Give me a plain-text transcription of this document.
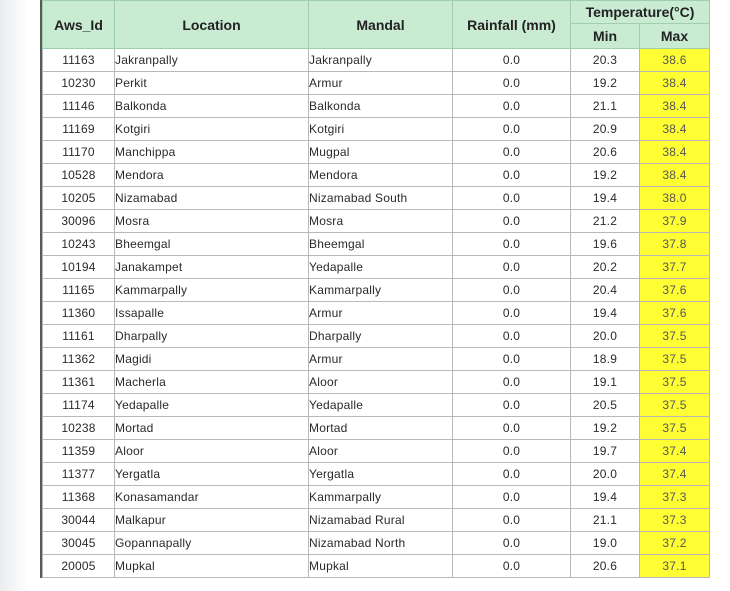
Aws_Id	Location	Mandal	Rainfall (mm)	Temperature(°C)	
				Min	Max
11163	Jakranpally	Jakranpally	0.0	20.3	38.6
10230	Perkit	Armur	0.0	19.2	38.4
11146	Balkonda	Balkonda	0.0	21.1	38.4
11169	Kotgiri	Kotgiri	0.0	20.9	38.4
11170	Manchippa	Mugpal	0.0	20.6	38.4
10528	Mendora	Mendora	0.0	19.2	38.4
10205	Nizamabad	Nizamabad South	0.0	19.4	38.0
30096	Mosra	Mosra	0.0	21.2	37.9
10243	Bheemgal	Bheemgal	0.0	19.6	37.8
10194	Janakampet	Yedapalle	0.0	20.2	37.7
11165	Kammarpally	Kammarpally	0.0	20.4	37.6
11360	Issapalle	Armur	0.0	19.4	37.6
11161	Dharpally	Dharpally	0.0	20.0	37.5
11362	Magidi	Armur	0.0	18.9	37.5
11361	Macherla	Aloor	0.0	19.1	37.5
11174	Yedapalle	Yedapalle	0.0	20.5	37.5
10238	Mortad	Mortad	0.0	19.2	37.5
11359	Aloor	Aloor	0.0	19.7	37.4
11377	Yergatla	Yergatla	0.0	20.0	37.4
11368	Konasamandar	Kammarpally	0.0	19.4	37.3
30044	Malkapur	Nizamabad Rural	0.0	21.1	37.3
30045	Gopannapally	Nizamabad North	0.0	19.0	37.2
20005	Mupkal	Mupkal	0.0	20.6	37.1
